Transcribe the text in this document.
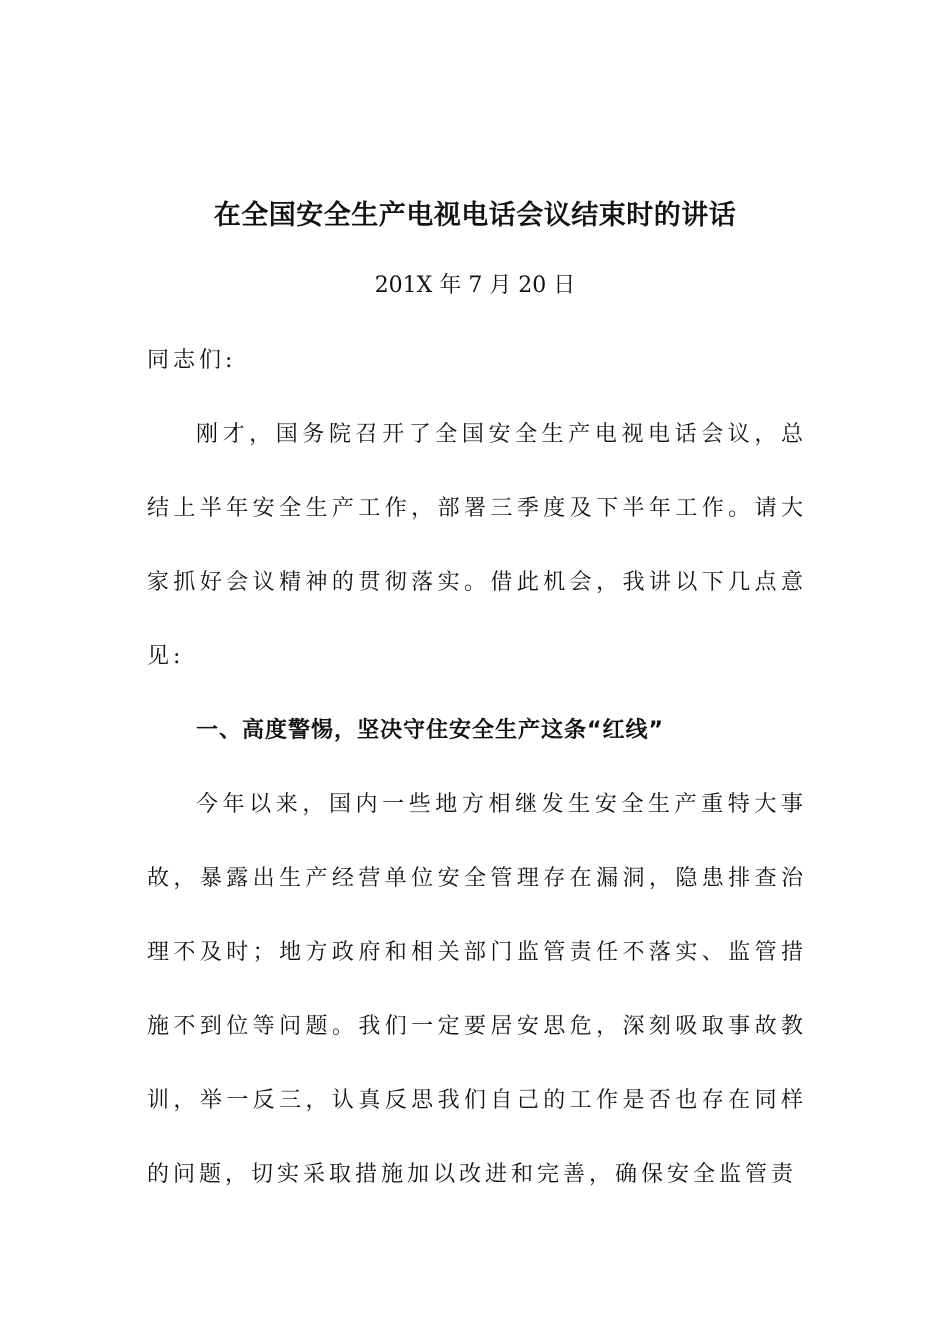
在全国安全生产电视电话会议结束时的讲话
201X 年 7 月 20 日

同志们:

刚才，国务院召开了全国安全生产电视电话会议，总结上半年安全生产工作，部署三季度及下半年工作。请大家抓好会议精神的贯彻落实。借此机会，我讲以下几点意见:

一、高度警惕，坚决守住安全生产这条“红线”

今年以来，国内一些地方相继发生安全生产重特大事故，暴露出生产经营单位安全管理存在漏洞，隐患排查治理不及时；地方政府和相关部门监管责任不落实、监管措施不到位等问题。我们一定要居安思危，深刻吸取事故教训，举一反三，认真反思我们自己的工作是否也存在同样的问题，切实采取措施加以改进和完善，确保安全监管责
